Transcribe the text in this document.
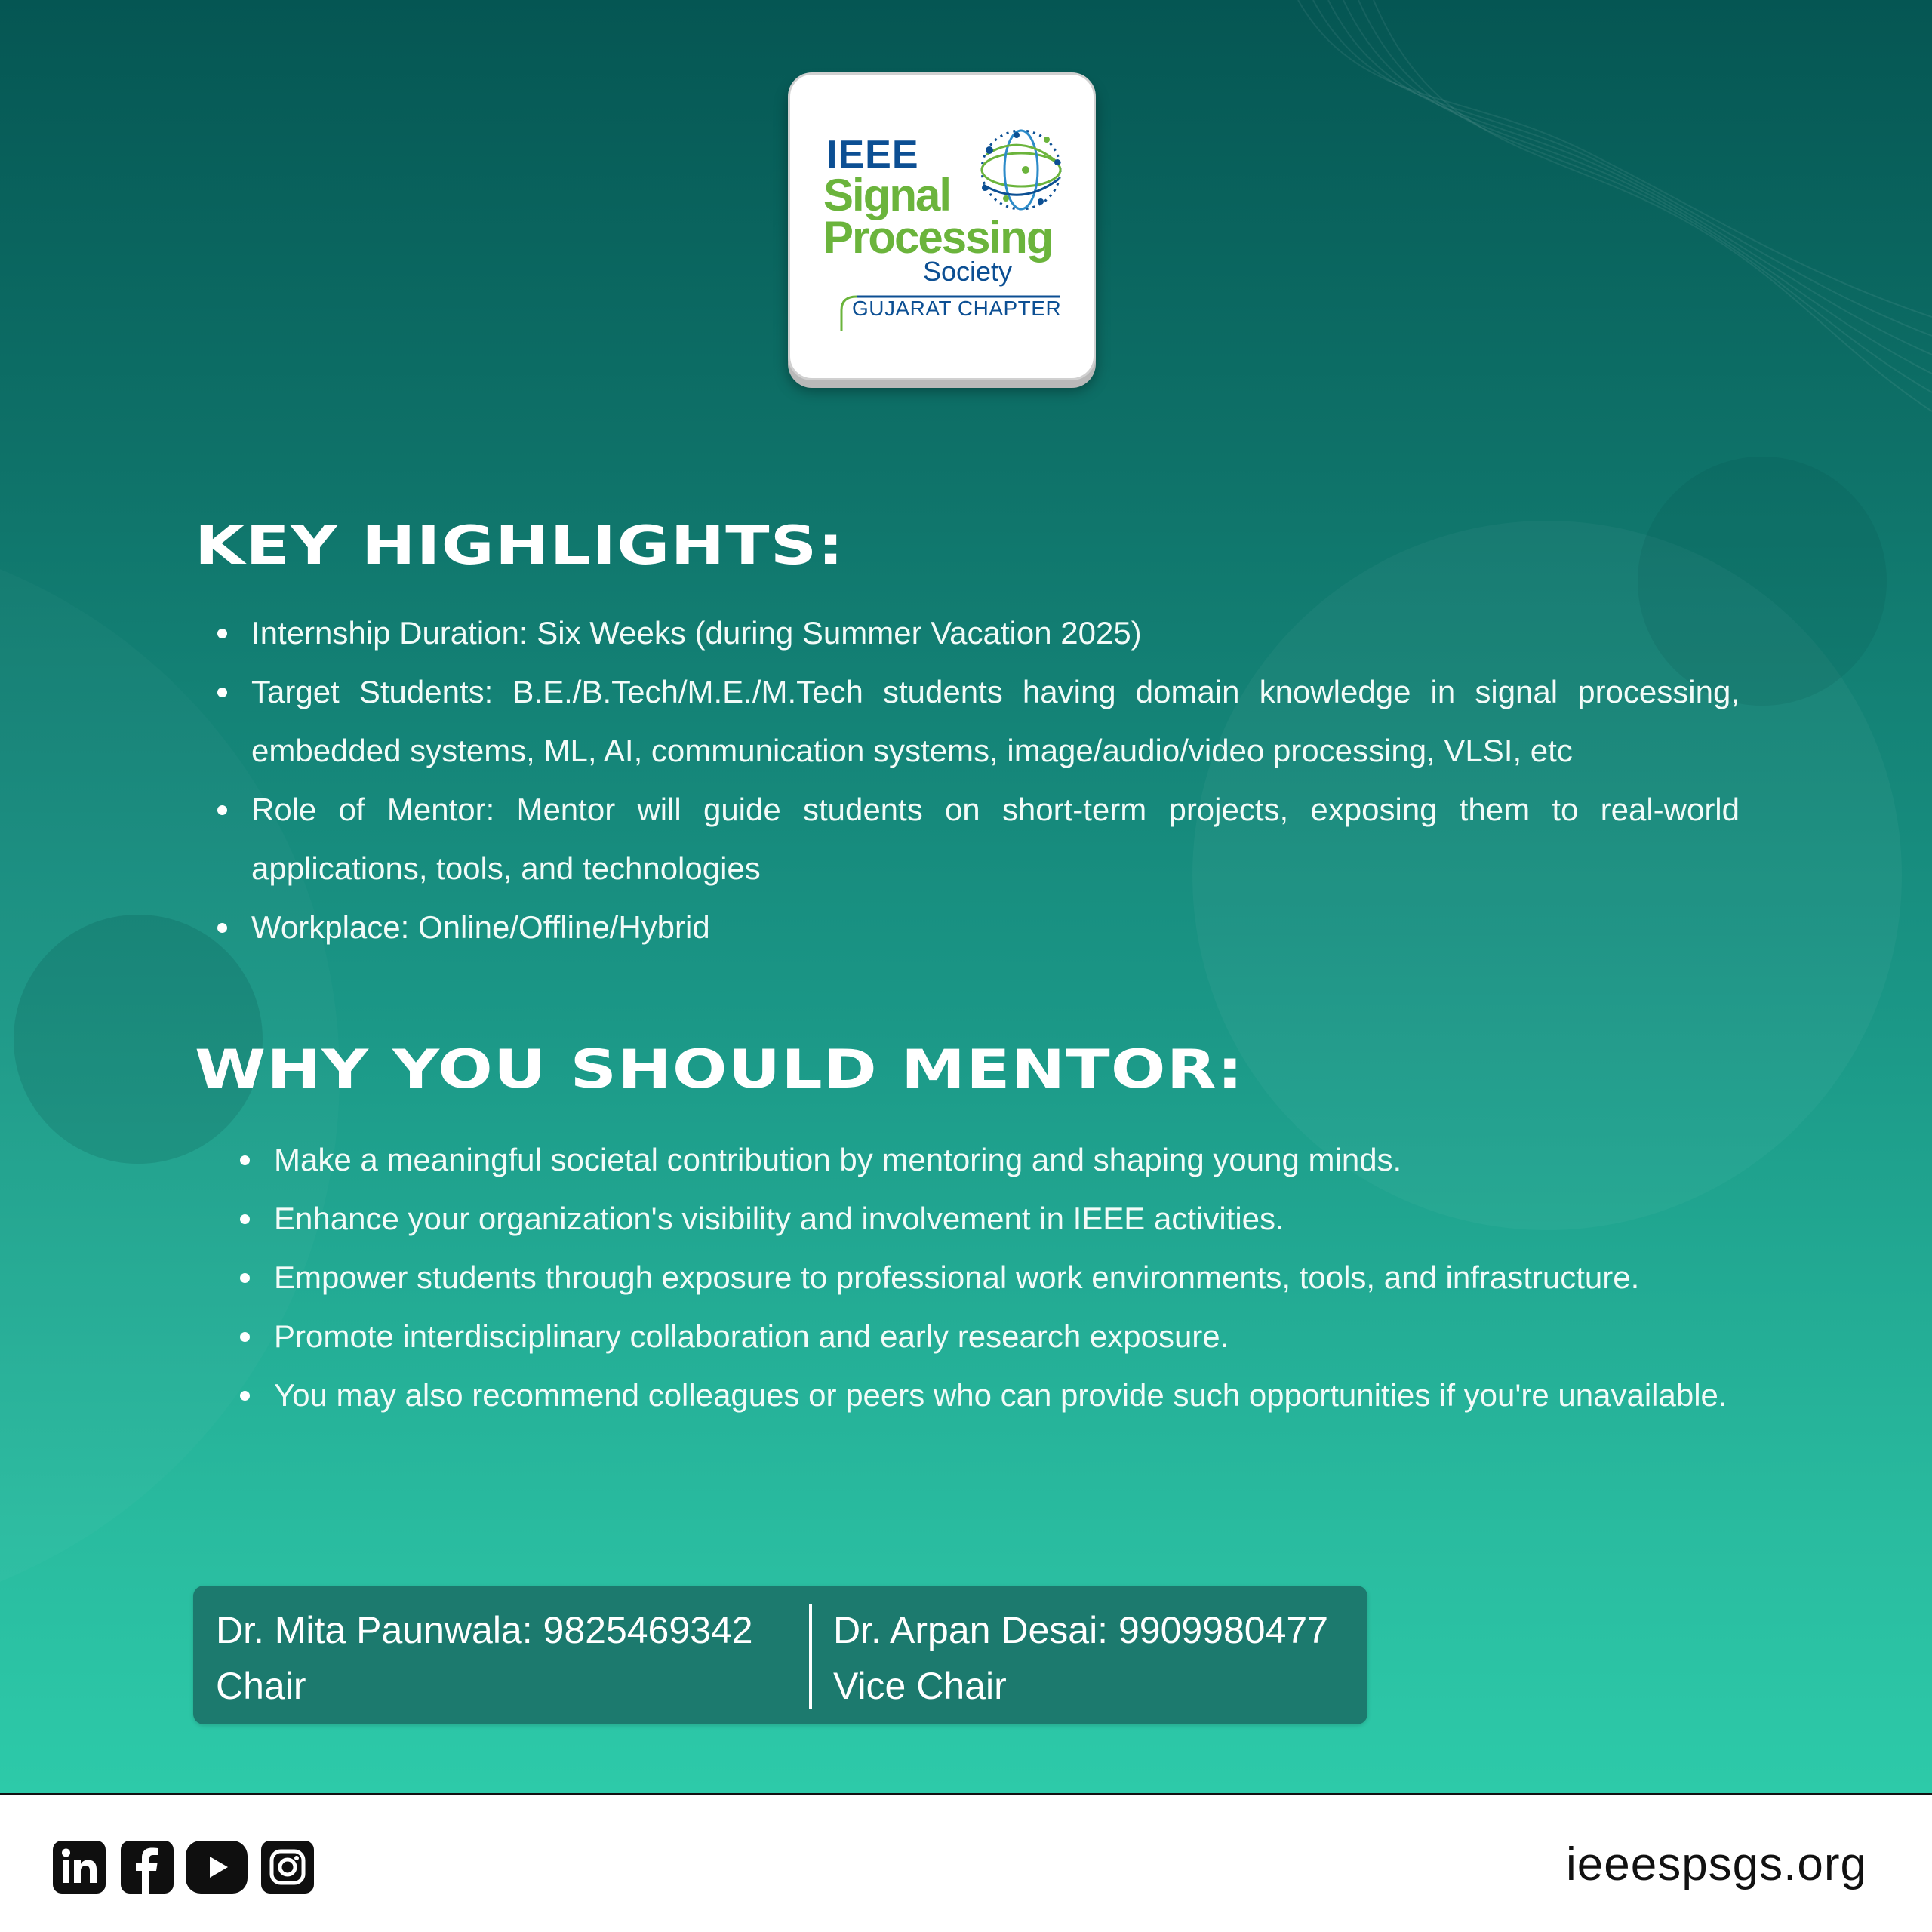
IEEE
Signal
Processing
Society
GUJARAT CHAPTER
KEY HIGHLIGHTS:
Internship Duration: Six Weeks (during Summer Vacation 2025)
Target Students: B.E./B.Tech/M.E./M.Tech students having domain knowledge in signal processing, embedded systems, ML, AI, communication systems, image/audio/video processing, VLSI, etc
Role of Mentor: Mentor will guide students on short-term projects, exposing them to real-world applications, tools, and technologies
Workplace: Online/Offline/Hybrid
WHY YOU SHOULD MENTOR:
Make a meaningful societal contribution by mentoring and shaping young minds.
Enhance your organization's visibility and involvement in IEEE activities.
Empower students through exposure to professional work environments, tools, and infrastructure.
Promote interdisciplinary collaboration and early research exposure.
You may also recommend colleagues or peers who can provide such opportunities if you're unavailable.
Dr. Mita Paunwala: 9825469342
Chair
Dr. Arpan Desai: 9909980477
Vice Chair
ieeespsgs.org
